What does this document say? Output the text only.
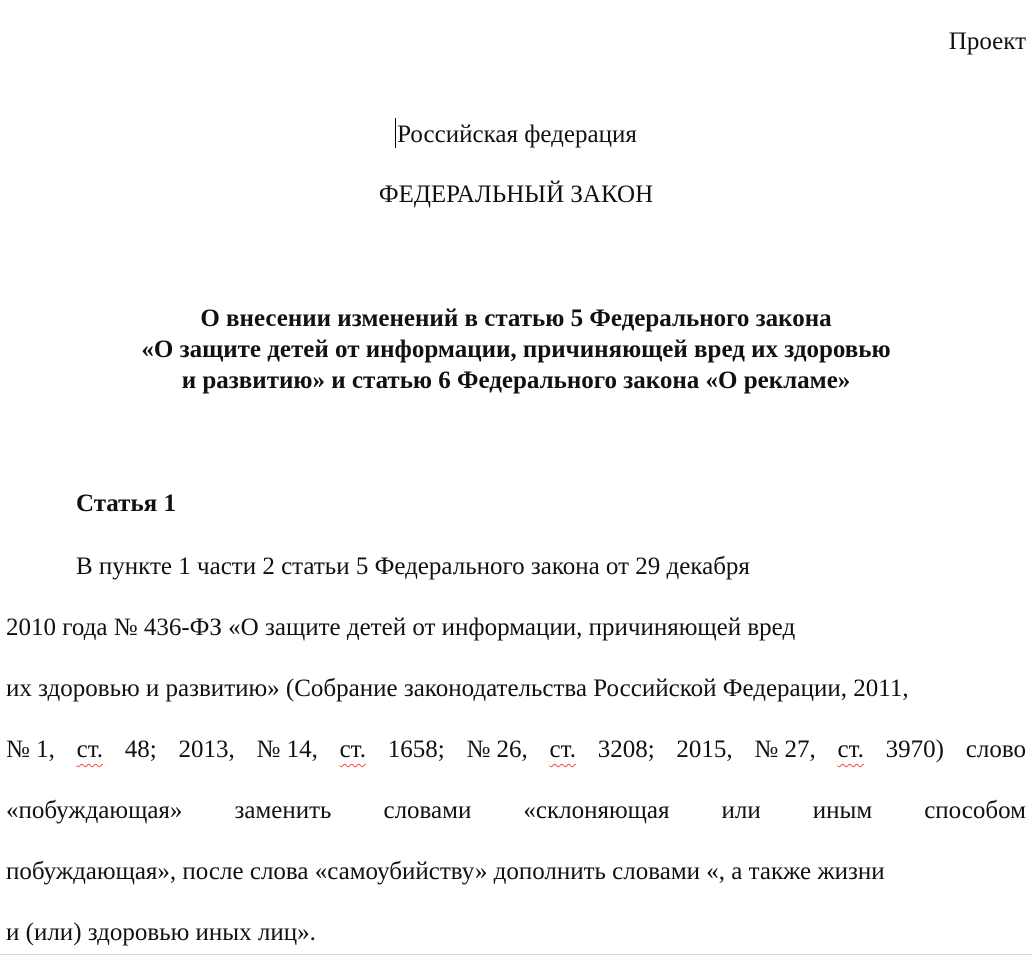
Проект
Российская федерация
ФЕДЕРАЛЬНЫЙ ЗАКОН
О внесении изменений в статью 5 Федерального закона
«О защите детей от информации, причиняющей вред их здоровью
и развитию» и статью 6 Федерального закона «О рекламе»
Статья 1
В пункте 1 части 2 статьи 5 Федерального закона от 29 декабря
2010 года № 436-ФЗ «О защите детей от информации, причиняющей вред
их здоровью и развитию» (Собрание законодательства Российской Федерации, 2011,
№ 1, ст. 48; 2013, № 14, ст. 1658; № 26, ст. 3208; 2015, № 27, ст. 3970) слово
«побуждающая» заменить словами «склоняющая или иным способом
побуждающая», после слова «самоубийству» дополнить словами «, а также жизни
и (или) здоровью иных лиц».
